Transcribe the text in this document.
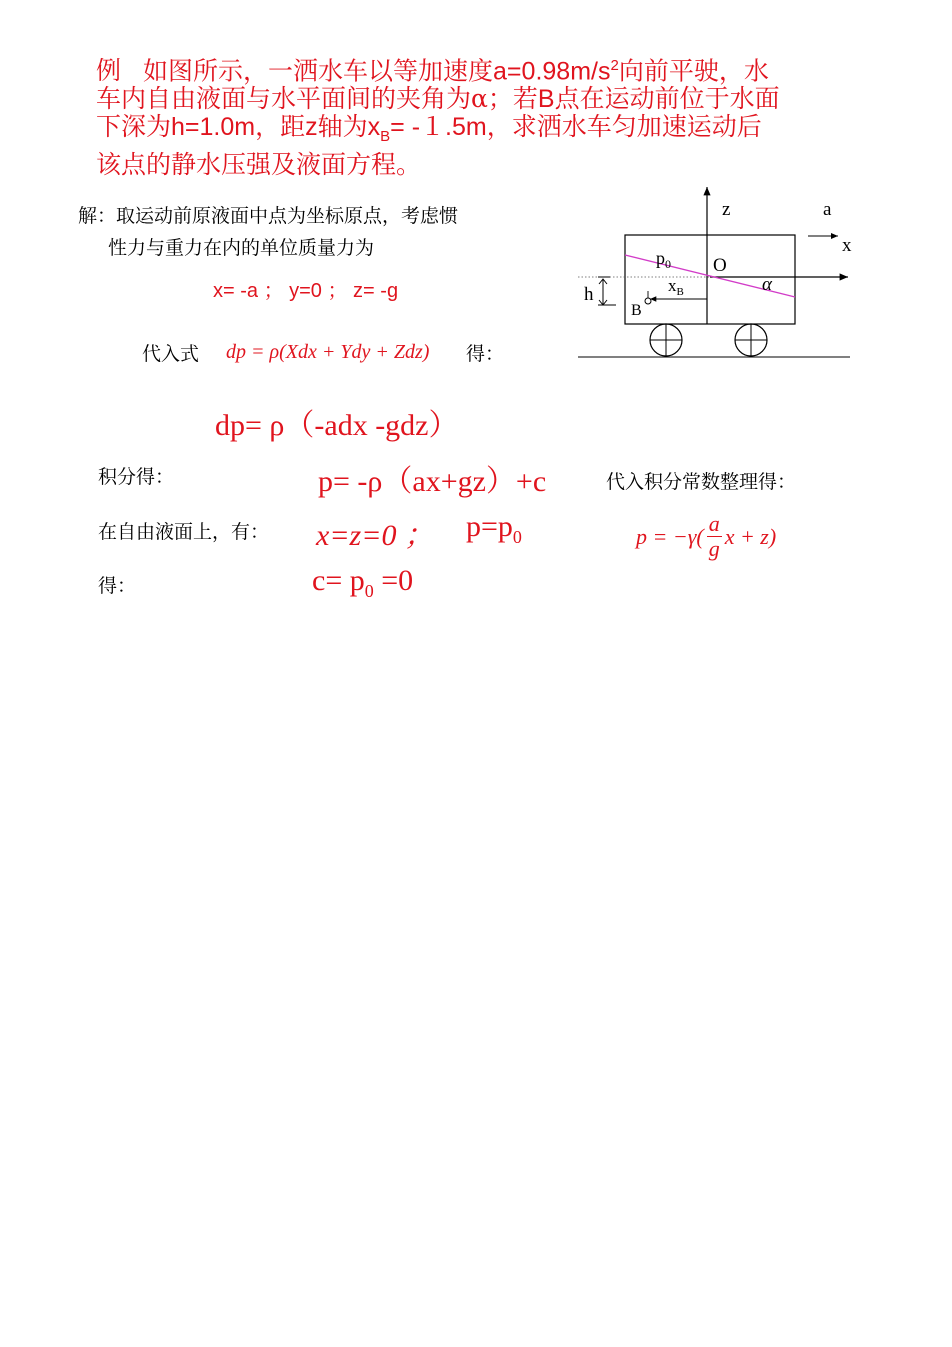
例 如图所示，一洒水车以等加速度$a=0.98m/s^2$向前平驶，水
车内自由液面与水平面间的夹角为α；若B点在运动前位于水面
下深为h=1.0m，距z轴为$x_B= -1.5m$，求洒水车匀加速运动后
该点的静水压强及液面方程。
解：取运动前原液面中点为坐标原点，考虑惯
性力与重力在内的单位质量力为
x= -a ； y=0 ； z= -g
代入式 dp = ρ(Xdx + Ydy + Zdz) 得：
dp= ρ（-adx -gdz）
积分得：	p= -ρ（ax+gz）+c	代入积分常数整理得：
p = −γ( a
g x + z)
在自由液面上，有： x=z=0 ； $p=p_0$
得：	$c= p_0 =0$
z	a
x
$p_0$ O
α
$x_B$
h
B
